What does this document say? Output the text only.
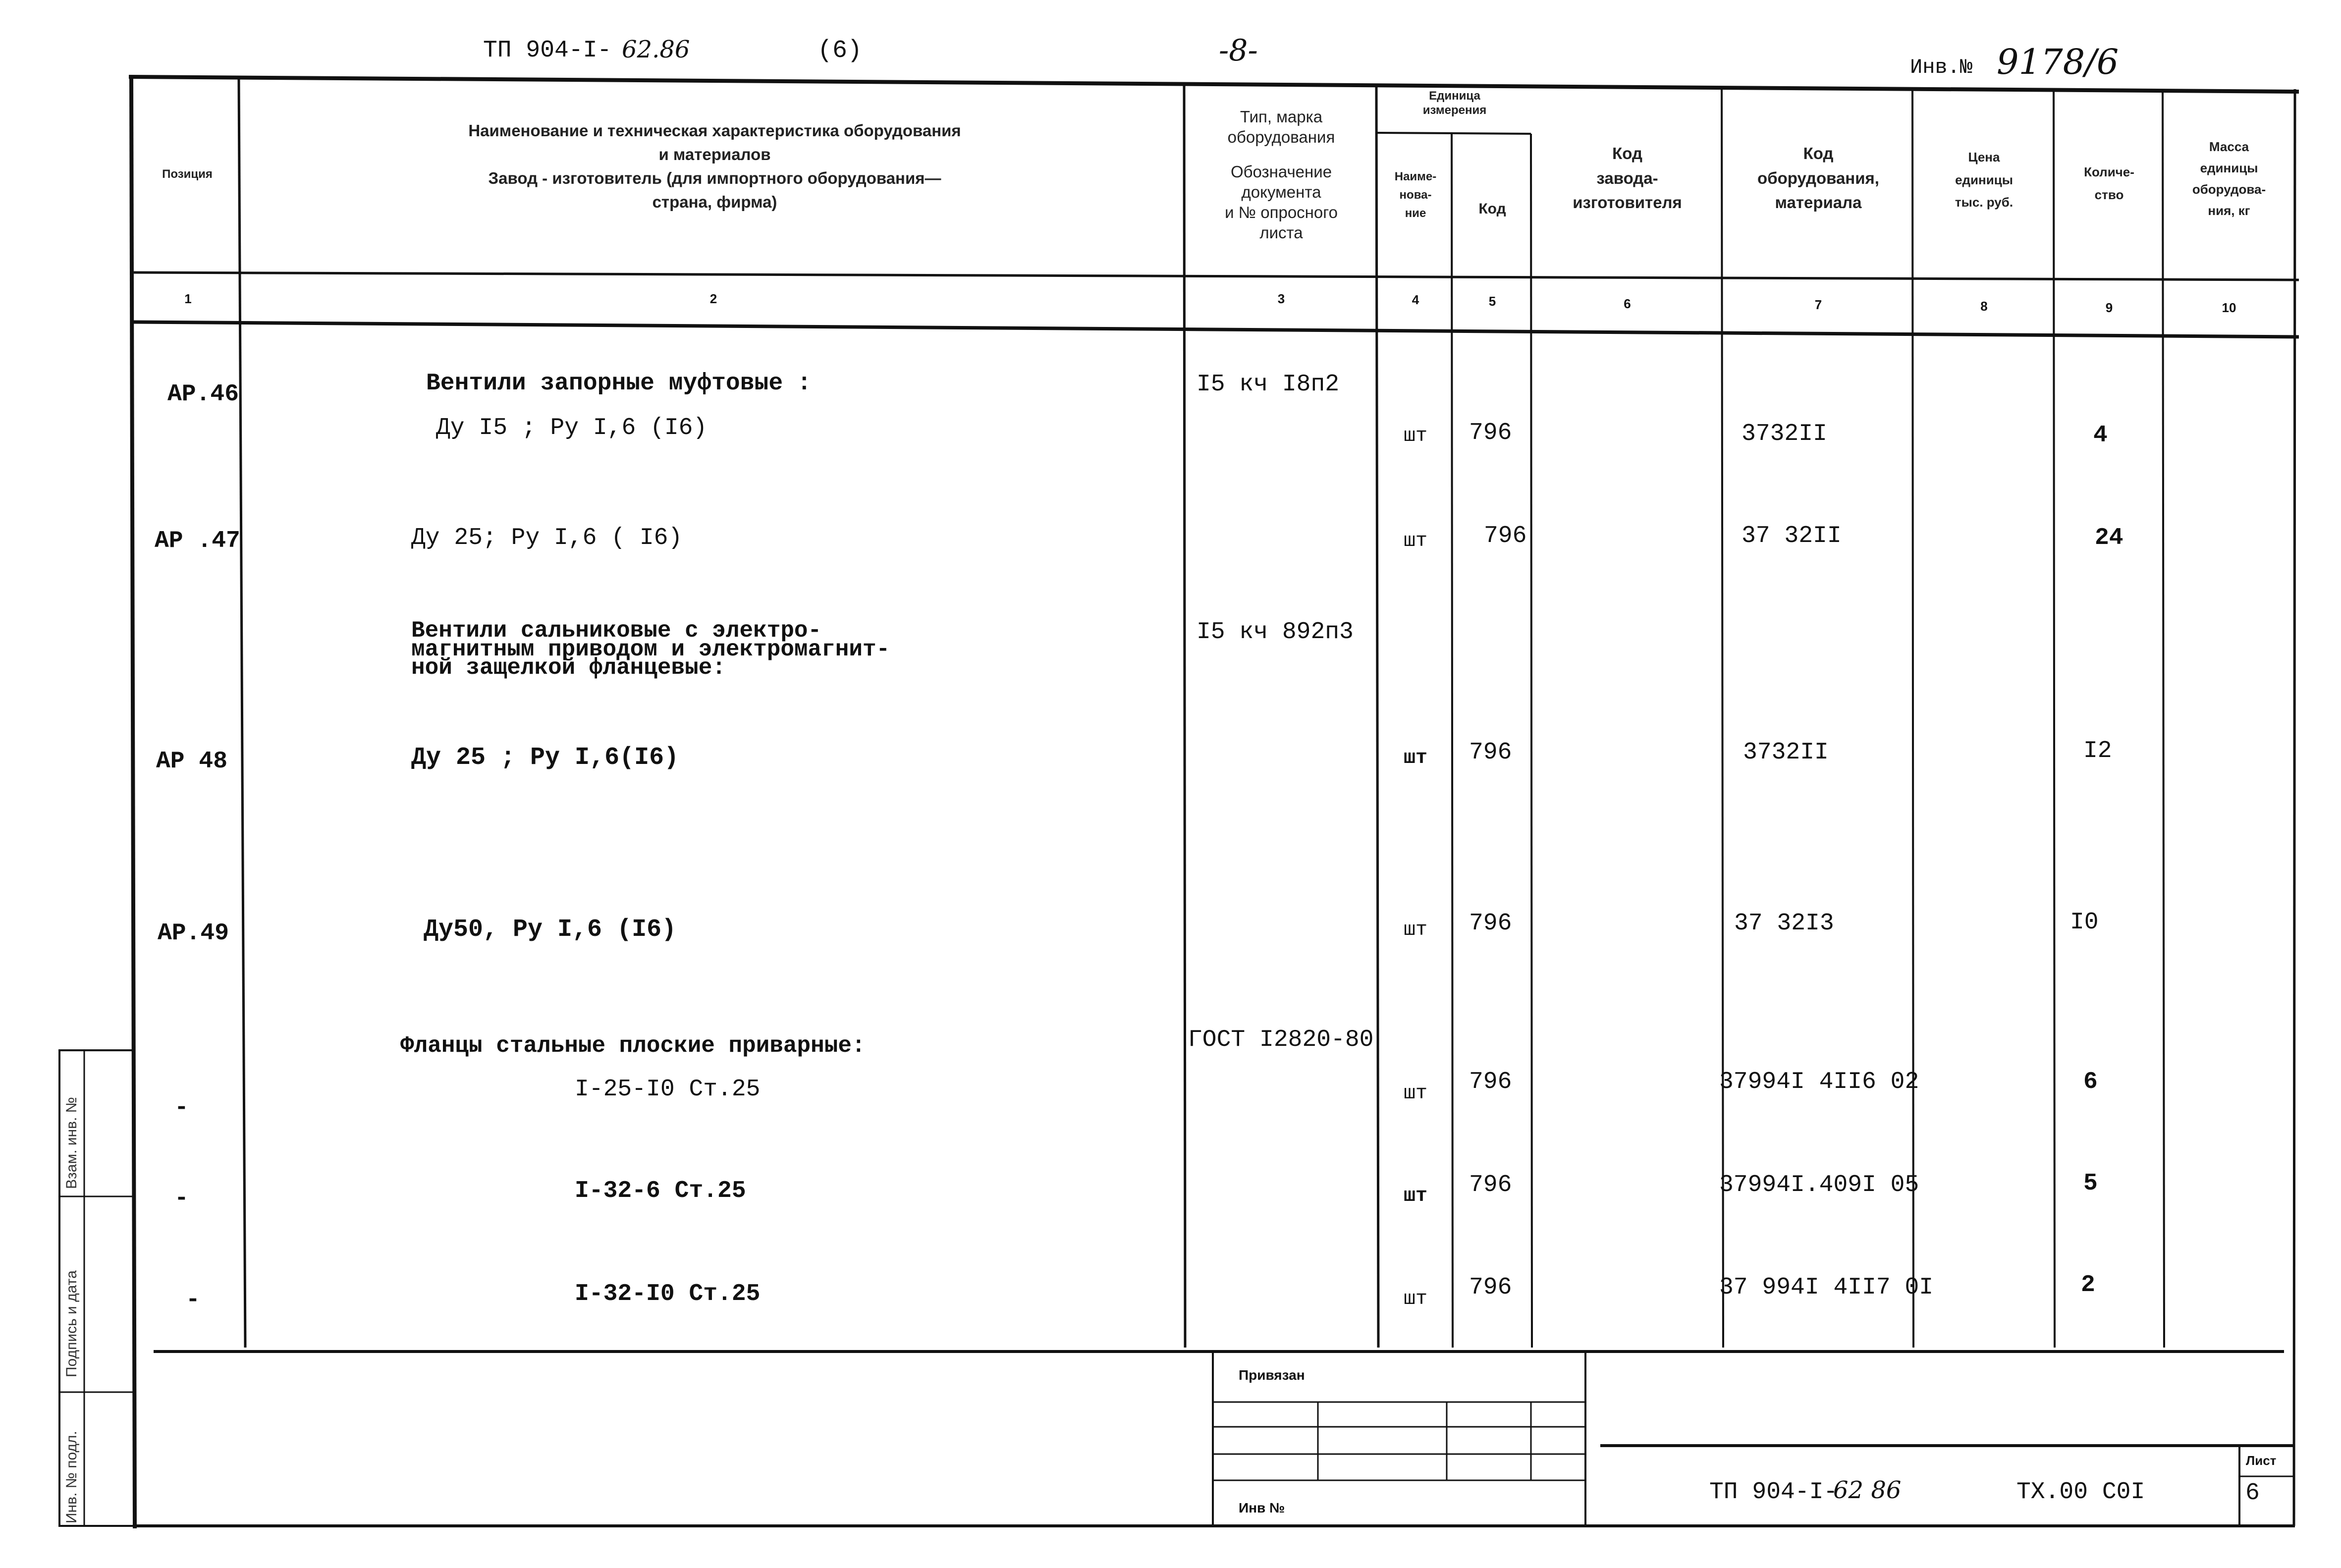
ТП 904-I- 62.86	(6)	-8-	Инв.№ 9178/6
Позиция
Наименование и техническая характеристика оборудования
и материалов
Завод - изготовитель (для импортного оборудования—
страна, фирма)
Тип, марка
оборудования
Обозначение
документа
и № опросного
листа
Единица
измерения
Наиме-
нова-
ние	Код
Код
завода-
изготовителя
Код
оборудования,
материала
Цена
единицы
тыс. руб.
Количе-
ство
Масса
единицы
оборудова-
ния, кг
1	2	3	4	5	6	7	8	9	10
Вентили запорные муфтовые :	I5 кч I8п2
АР.46
Ду I5 ; Ру I,6 (I6)	шт	796	3732II	4
АР .47	Ду 25; Ру I,6 ( I6)	шт	796	37 32II	24
Вентили сальниковые с электро-
магнитным приводом и электромагнит-
ной защелкой фланцевые:
I5 кч 892п3
АР 48	Ду 25 ; Ру I,6(I6)	шт	796	3732II	I2
АР.49	Ду50, Ру I,6 (I6)	шт	796	37 32I3	I0
Фланцы стальные плоские приварные:	ГОСТ I2820-80
-
I-25-I0 Ст.25	шт	796	37994I 4II6 02	6
-	I-32-6 Ст.25	шт	796	37994I.409I 05	5
-	I-32-I0 Ст.25	шт	796	37 994I 4II7 0I	2
Привязан
Инв №
ТП 904-I-
62 86	ТХ.00 С0I
Лист
6
Взам. инв. №
Подпись и дата
Инв. № подл.
